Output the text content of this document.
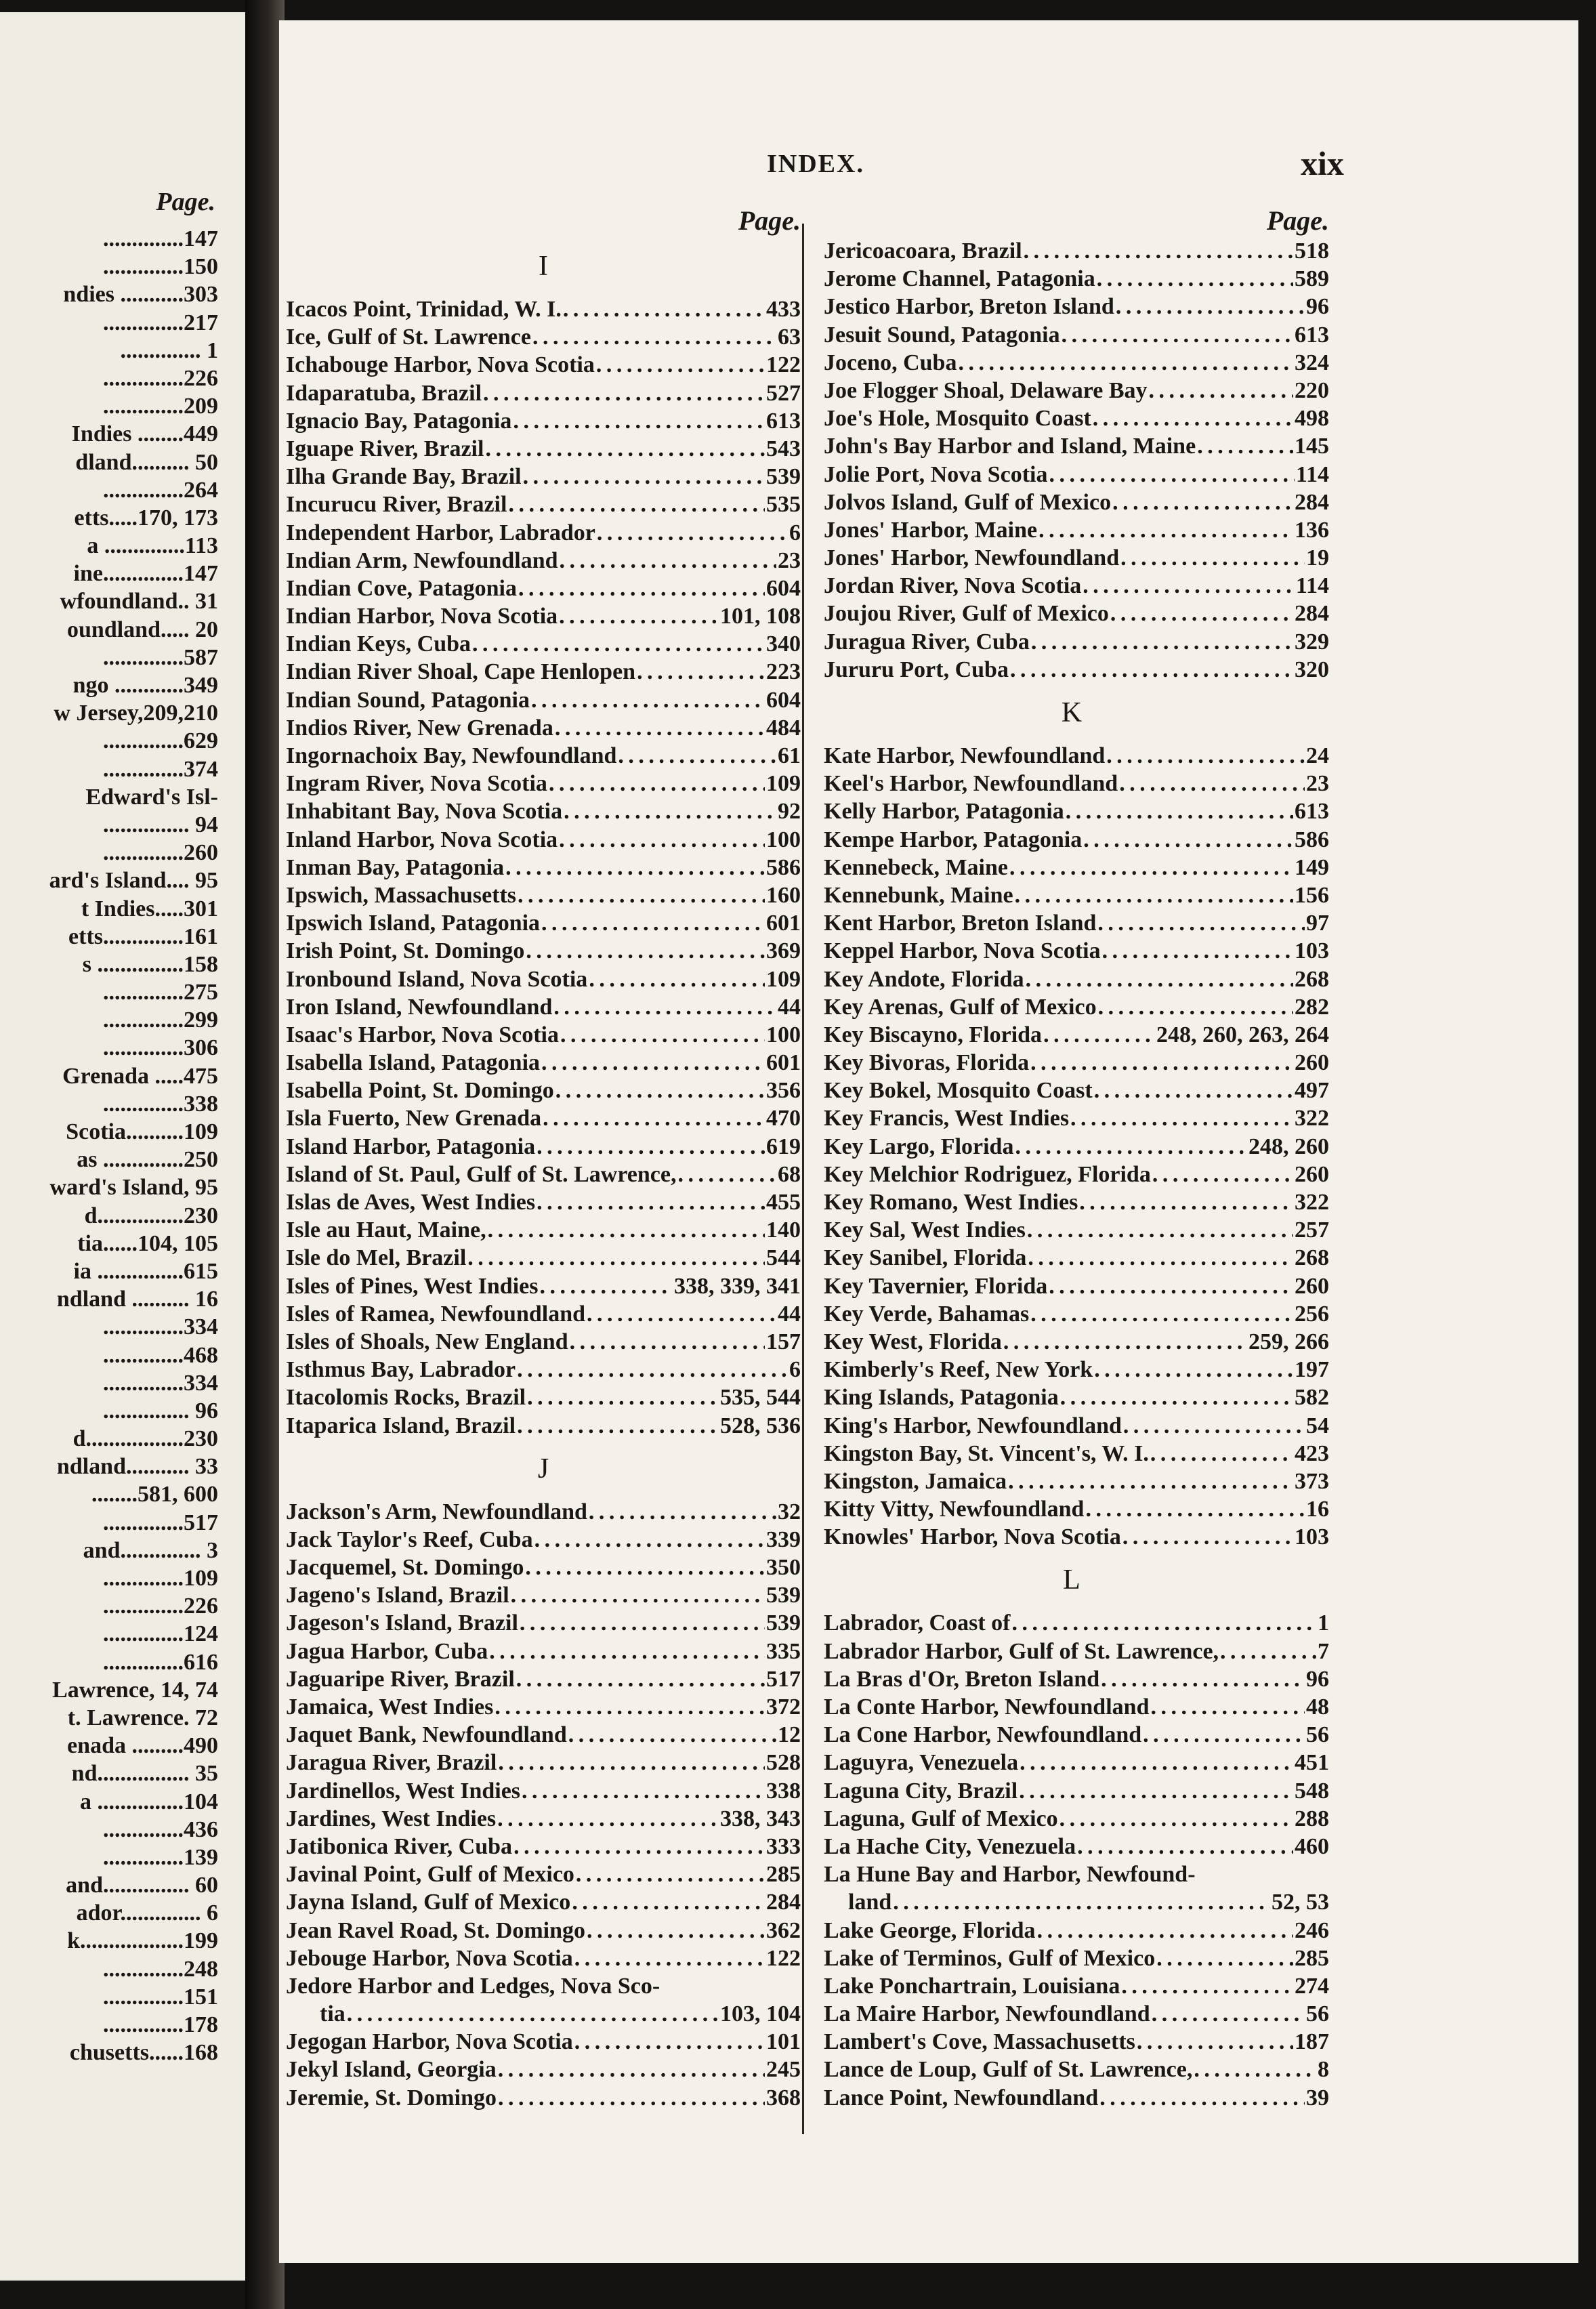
Page.
..............147
..............150
ndies ...........303
..............217
.............. 1
..............226
..............209
Indies ........449
dland.......... 50
..............264
etts.....170, 173
a ..............113
ine..............147
wfoundland.. 31
oundland..... 20
..............587
ngo ............349
w Jersey,209,210
..............629
..............374
Edward's Isl-
............... 94
..............260
ard's Island.... 95
t Indies.....301
etts..............161
s ...............158
..............275
..............299
..............306
Grenada .....475
..............338
Scotia..........109
as ..............250
ward's Island, 95
d...............230
tia......104, 105
ia ...............615
ndland .......... 16
..............334
..............468
..............334
............... 96
d.................230
ndland........... 33
........581, 600
..............517
and.............. 3
..............109
..............226
..............124
..............616
Lawrence, 14, 74
t. Lawrence. 72
enada .........490
nd................ 35
a ...............104
..............436
..............139
and............... 60
ador.............. 6
k..................199
..............248
..............151
..............178
chusetts......168
INDEX.	xix
Page.
I
Icacos Point, Trinidad, W. I. . . .	433
Ice, Gulf of St. Lawrence . . .	63
Ichabouge Harbor, Nova Scotia . . .	122
Idaparatuba, Brazil . . .	527
Ignacio Bay, Patagonia . . .	613
Iguape River, Brazil . . .	543
Ilha Grande Bay, Brazil . . .	539
Incurucu River, Brazil . . .	535
Independent Harbor, Labrador . . .	6
Indian Arm, Newfoundland . . .	23
Indian Cove, Patagonia . . .	604
Indian Harbor, Nova Scotia . . .	101, 108
Indian Keys, Cuba . . .	340
Indian River Shoal, Cape Henlopen . . .	223
Indian Sound, Patagonia . . .	604
Indios River, New Grenada . . .	484
Ingornachoix Bay, Newfoundland . . .	61
Ingram River, Nova Scotia . . .	109
Inhabitant Bay, Nova Scotia . . .	92
Inland Harbor, Nova Scotia . . .	100
Inman Bay, Patagonia . . .	586
Ipswich, Massachusetts . . .	160
Ipswich Island, Patagonia . . .	601
Irish Point, St. Domingo . . .	369
Ironbound Island, Nova Scotia . . .	109
Iron Island, Newfoundland . . .	44
Isaac's Harbor, Nova Scotia . . .	100
Isabella Island, Patagonia . . .	601
Isabella Point, St. Domingo . . .	356
Isla Fuerto, New Grenada . . .	470
Island Harbor, Patagonia . . .	619
Island of St. Paul, Gulf of St. Lawrence, . . .	68
Islas de Aves, West Indies . . .	455
Isle au Haut, Maine, . . .	140
Isle do Mel, Brazil . . .	544
Isles of Pines, West Indies . . .	338, 339, 341
Isles of Ramea, Newfoundland . . .	44
Isles of Shoals, New England . . .	157
Isthmus Bay, Labrador . . .	6
Itacolomis Rocks, Brazil . . .	535, 544
Itaparica Island, Brazil . . .	528, 536
J
Jackson's Arm, Newfoundland . . .	32
Jack Taylor's Reef, Cuba . . .	339
Jacquemel, St. Domingo . . .	350
Jageno's Island, Brazil . . .	539
Jageson's Island, Brazil . . .	539
Jagua Harbor, Cuba . . .	335
Jaguaripe River, Brazil . . .	517
Jamaica, West Indies . . .	372
Jaquet Bank, Newfoundland . . .	12
Jaragua River, Brazil . . .	528
Jardinellos, West Indies . . .	338
Jardines, West Indies . . .	338, 343
Jatibonica River, Cuba . . .	333
Javinal Point, Gulf of Mexico . . .	285
Jayna Island, Gulf of Mexico . . .	284
Jean Ravel Road, St. Domingo . . .	362
Jebouge Harbor, Nova Scotia . . .	122
Jedore Harbor and Ledges, Nova Sco-
tia . . .	103, 104
Jegogan Harbor, Nova Scotia . . .	101
Jekyl Island, Georgia . . .	245
Jeremie, St. Domingo . . .	368
Page.
Jericoacoara, Brazil . . .	518
Jerome Channel, Patagonia . . .	589
Jestico Harbor, Breton Island . . .	96
Jesuit Sound, Patagonia . . .	613
Joceno, Cuba . . .	324
Joe Flogger Shoal, Delaware Bay . . .	220
Joe's Hole, Mosquito Coast . . .	498
John's Bay Harbor and Island, Maine . . .	145
Jolie Port, Nova Scotia . . .	114
Jolvos Island, Gulf of Mexico . . .	284
Jones' Harbor, Maine . . .	136
Jones' Harbor, Newfoundland . . .	19
Jordan River, Nova Scotia . . .	114
Joujou River, Gulf of Mexico . . .	284
Juragua River, Cuba . . .	329
Jururu Port, Cuba . . .	320
K
Kate Harbor, Newfoundland . . .	24
Keel's Harbor, Newfoundland . . .	23
Kelly Harbor, Patagonia . . .	613
Kempe Harbor, Patagonia . . .	586
Kennebeck, Maine . . .	149
Kennebunk, Maine . . .	156
Kent Harbor, Breton Island . . .	97
Keppel Harbor, Nova Scotia . . .	103
Key Andote, Florida . . .	268
Key Arenas, Gulf of Mexico . . .	282
Key Biscayno, Florida . . .	248, 260, 263, 264
Key Bivoras, Florida . . .	260
Key Bokel, Mosquito Coast . . .	497
Key Francis, West Indies . . .	322
Key Largo, Florida . . .	248, 260
Key Melchior Rodriguez, Florida . . .	260
Key Romano, West Indies . . .	322
Key Sal, West Indies . . .	257
Key Sanibel, Florida . . .	268
Key Tavernier, Florida . . .	260
Key Verde, Bahamas . . .	256
Key West, Florida . . .	259, 266
Kimberly's Reef, New York . . .	197
King Islands, Patagonia . . .	582
King's Harbor, Newfoundland . . .	54
Kingston Bay, St. Vincent's, W. I. . . .	423
Kingston, Jamaica . . .	373
Kitty Vitty, Newfoundland . . .	16
Knowles' Harbor, Nova Scotia . . .	103
L
Labrador, Coast of . . .	1
Labrador Harbor, Gulf of St. Lawrence, . . .	7
La Bras d'Or, Breton Island . . .	96
La Conte Harbor, Newfoundland . . .	48
La Cone Harbor, Newfoundland . . .	56
Laguyra, Venezuela . . .	451
Laguna City, Brazil . . .	548
Laguna, Gulf of Mexico . . .	288
La Hache City, Venezuela . . .	460
La Hune Bay and Harbor, Newfound-
land . . .	52, 53
Lake George, Florida . . .	246
Lake of Terminos, Gulf of Mexico . . .	285
Lake Ponchartrain, Louisiana . . .	274
La Maire Harbor, Newfoundland . . .	56
Lambert's Cove, Massachusetts . . .	187
Lance de Loup, Gulf of St. Lawrence, . . .	8
Lance Point, Newfoundland . . .	39
